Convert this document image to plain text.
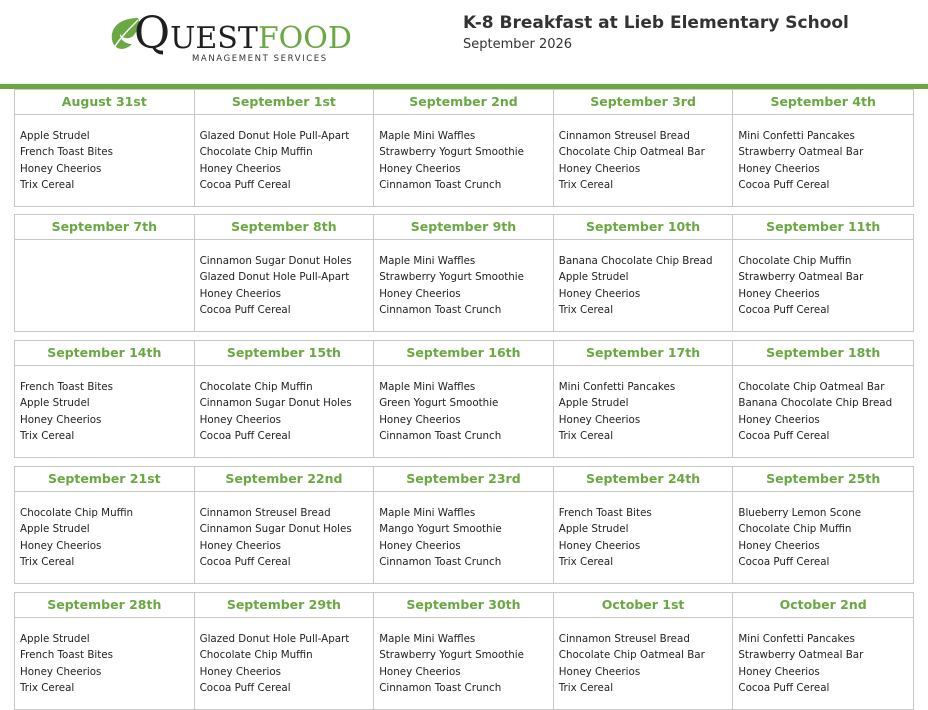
QUESTFOOD
MANAGEMENT SERVICES
K-8 Breakfast at Lieb Elementary School
September 2026
August 31st
Apple Strudel
French Toast Bites
Honey Cheerios
Trix Cereal
September 1st
Glazed Donut Hole Pull-Apart
Chocolate Chip Muffin
Honey Cheerios
Cocoa Puff Cereal
September 2nd
Maple Mini Waffles
Strawberry Yogurt Smoothie
Honey Cheerios
Cinnamon Toast Crunch
September 3rd
Cinnamon Streusel Bread
Chocolate Chip Oatmeal Bar
Honey Cheerios
Trix Cereal
September 4th
Mini Confetti Pancakes
Strawberry Oatmeal Bar
Honey Cheerios
Cocoa Puff Cereal
September 7th	September 8th
Cinnamon Sugar Donut Holes
Glazed Donut Hole Pull-Apart
Honey Cheerios
Cocoa Puff Cereal
September 9th
Maple Mini Waffles
Strawberry Yogurt Smoothie
Honey Cheerios
Cinnamon Toast Crunch
September 10th
Banana Chocolate Chip Bread
Apple Strudel
Honey Cheerios
Trix Cereal
September 11th
Chocolate Chip Muffin
Strawberry Oatmeal Bar
Honey Cheerios
Cocoa Puff Cereal
September 14th
French Toast Bites
Apple Strudel
Honey Cheerios
Trix Cereal
September 15th
Chocolate Chip Muffin
Cinnamon Sugar Donut Holes
Honey Cheerios
Cocoa Puff Cereal
September 16th
Maple Mini Waffles
Green Yogurt Smoothie
Honey Cheerios
Cinnamon Toast Crunch
September 17th
Mini Confetti Pancakes
Apple Strudel
Honey Cheerios
Trix Cereal
September 18th
Chocolate Chip Oatmeal Bar
Banana Chocolate Chip Bread
Honey Cheerios
Cocoa Puff Cereal
September 21st
Chocolate Chip Muffin
Apple Strudel
Honey Cheerios
Trix Cereal
September 22nd
Cinnamon Streusel Bread
Cinnamon Sugar Donut Holes
Honey Cheerios
Cocoa Puff Cereal
September 23rd
Maple Mini Waffles
Mango Yogurt Smoothie
Honey Cheerios
Cinnamon Toast Crunch
September 24th
French Toast Bites
Apple Strudel
Honey Cheerios
Trix Cereal
September 25th
Blueberry Lemon Scone
Chocolate Chip Muffin
Honey Cheerios
Cocoa Puff Cereal
September 28th
Apple Strudel
French Toast Bites
Honey Cheerios
Trix Cereal
September 29th
Glazed Donut Hole Pull-Apart
Chocolate Chip Muffin
Honey Cheerios
Cocoa Puff Cereal
September 30th
Maple Mini Waffles
Strawberry Yogurt Smoothie
Honey Cheerios
Cinnamon Toast Crunch
October 1st
Cinnamon Streusel Bread
Chocolate Chip Oatmeal Bar
Honey Cheerios
Trix Cereal
October 2nd
Mini Confetti Pancakes
Strawberry Oatmeal Bar
Honey Cheerios
Cocoa Puff Cereal
